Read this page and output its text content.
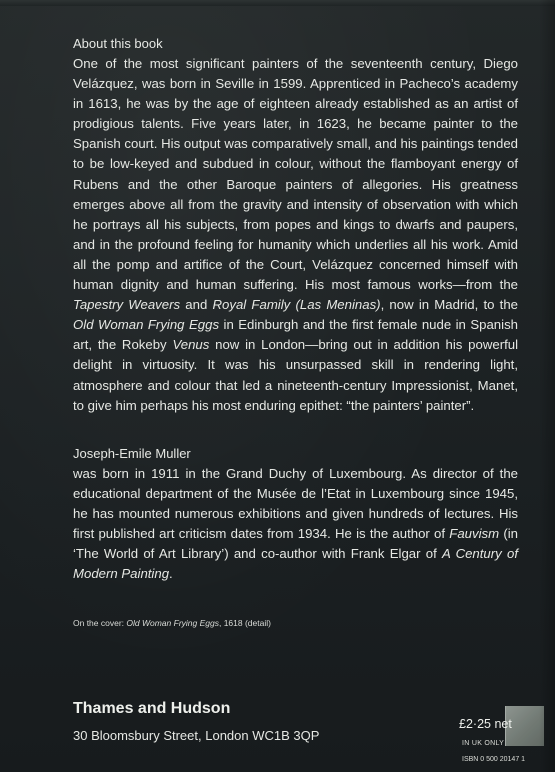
About this book

One of the most significant painters of the seventeenth century, Diego Velázquez, was born in Seville in 1599. Apprenticed in Pacheco’s academy in 1613, he was by the age of eighteen already established as an artist of prodigious talents. Five years later, in 1623, he became painter to the Spanish court. His output was comparatively small, and his paintings tended to be low-keyed and subdued in colour, without the flamboyant energy of Rubens and the other Baroque painters of allegories. His greatness emerges above all from the gravity and intensity of observation with which he portrays all his subjects, from popes and kings to dwarfs and paupers, and in the profound feeling for humanity which underlies all his work. Amid all the pomp and artifice of the Court, Velázquez concerned himself with human dignity and human suffering. His most famous works—from the Tapestry Weavers and Royal Family (Las Meninas), now in Madrid, to the Old Woman Frying Eggs in Edinburgh and the first female nude in Spanish art, the Rokeby Venus now in London—bring out in addition his powerful delight in virtuosity. It was his unsurpassed skill in rendering light, atmosphere and colour that led a nineteenth-century Impressionist, Manet, to give him perhaps his most enduring epithet: “the painters’ painter”.

Joseph-Emile Muller

was born in 1911 in the Grand Duchy of Luxembourg. As director of the educational department of the Musée de l’Etat in Luxembourg since 1945, he has mounted numerous exhibitions and given hundreds of lectures. His first published art criticism dates from 1934. He is the author of Fauvism (in ‘The World of Art Library’) and co-author with Frank Elgar of A Century of Modern Painting.

On the cover: Old Woman Frying Eggs, 1618 (detail)

Thames and Hudson

30 Bloomsbury Street, London WC1B 3QP

£2·25 net
IN UK ONLY
ISBN 0 500 20147 1
